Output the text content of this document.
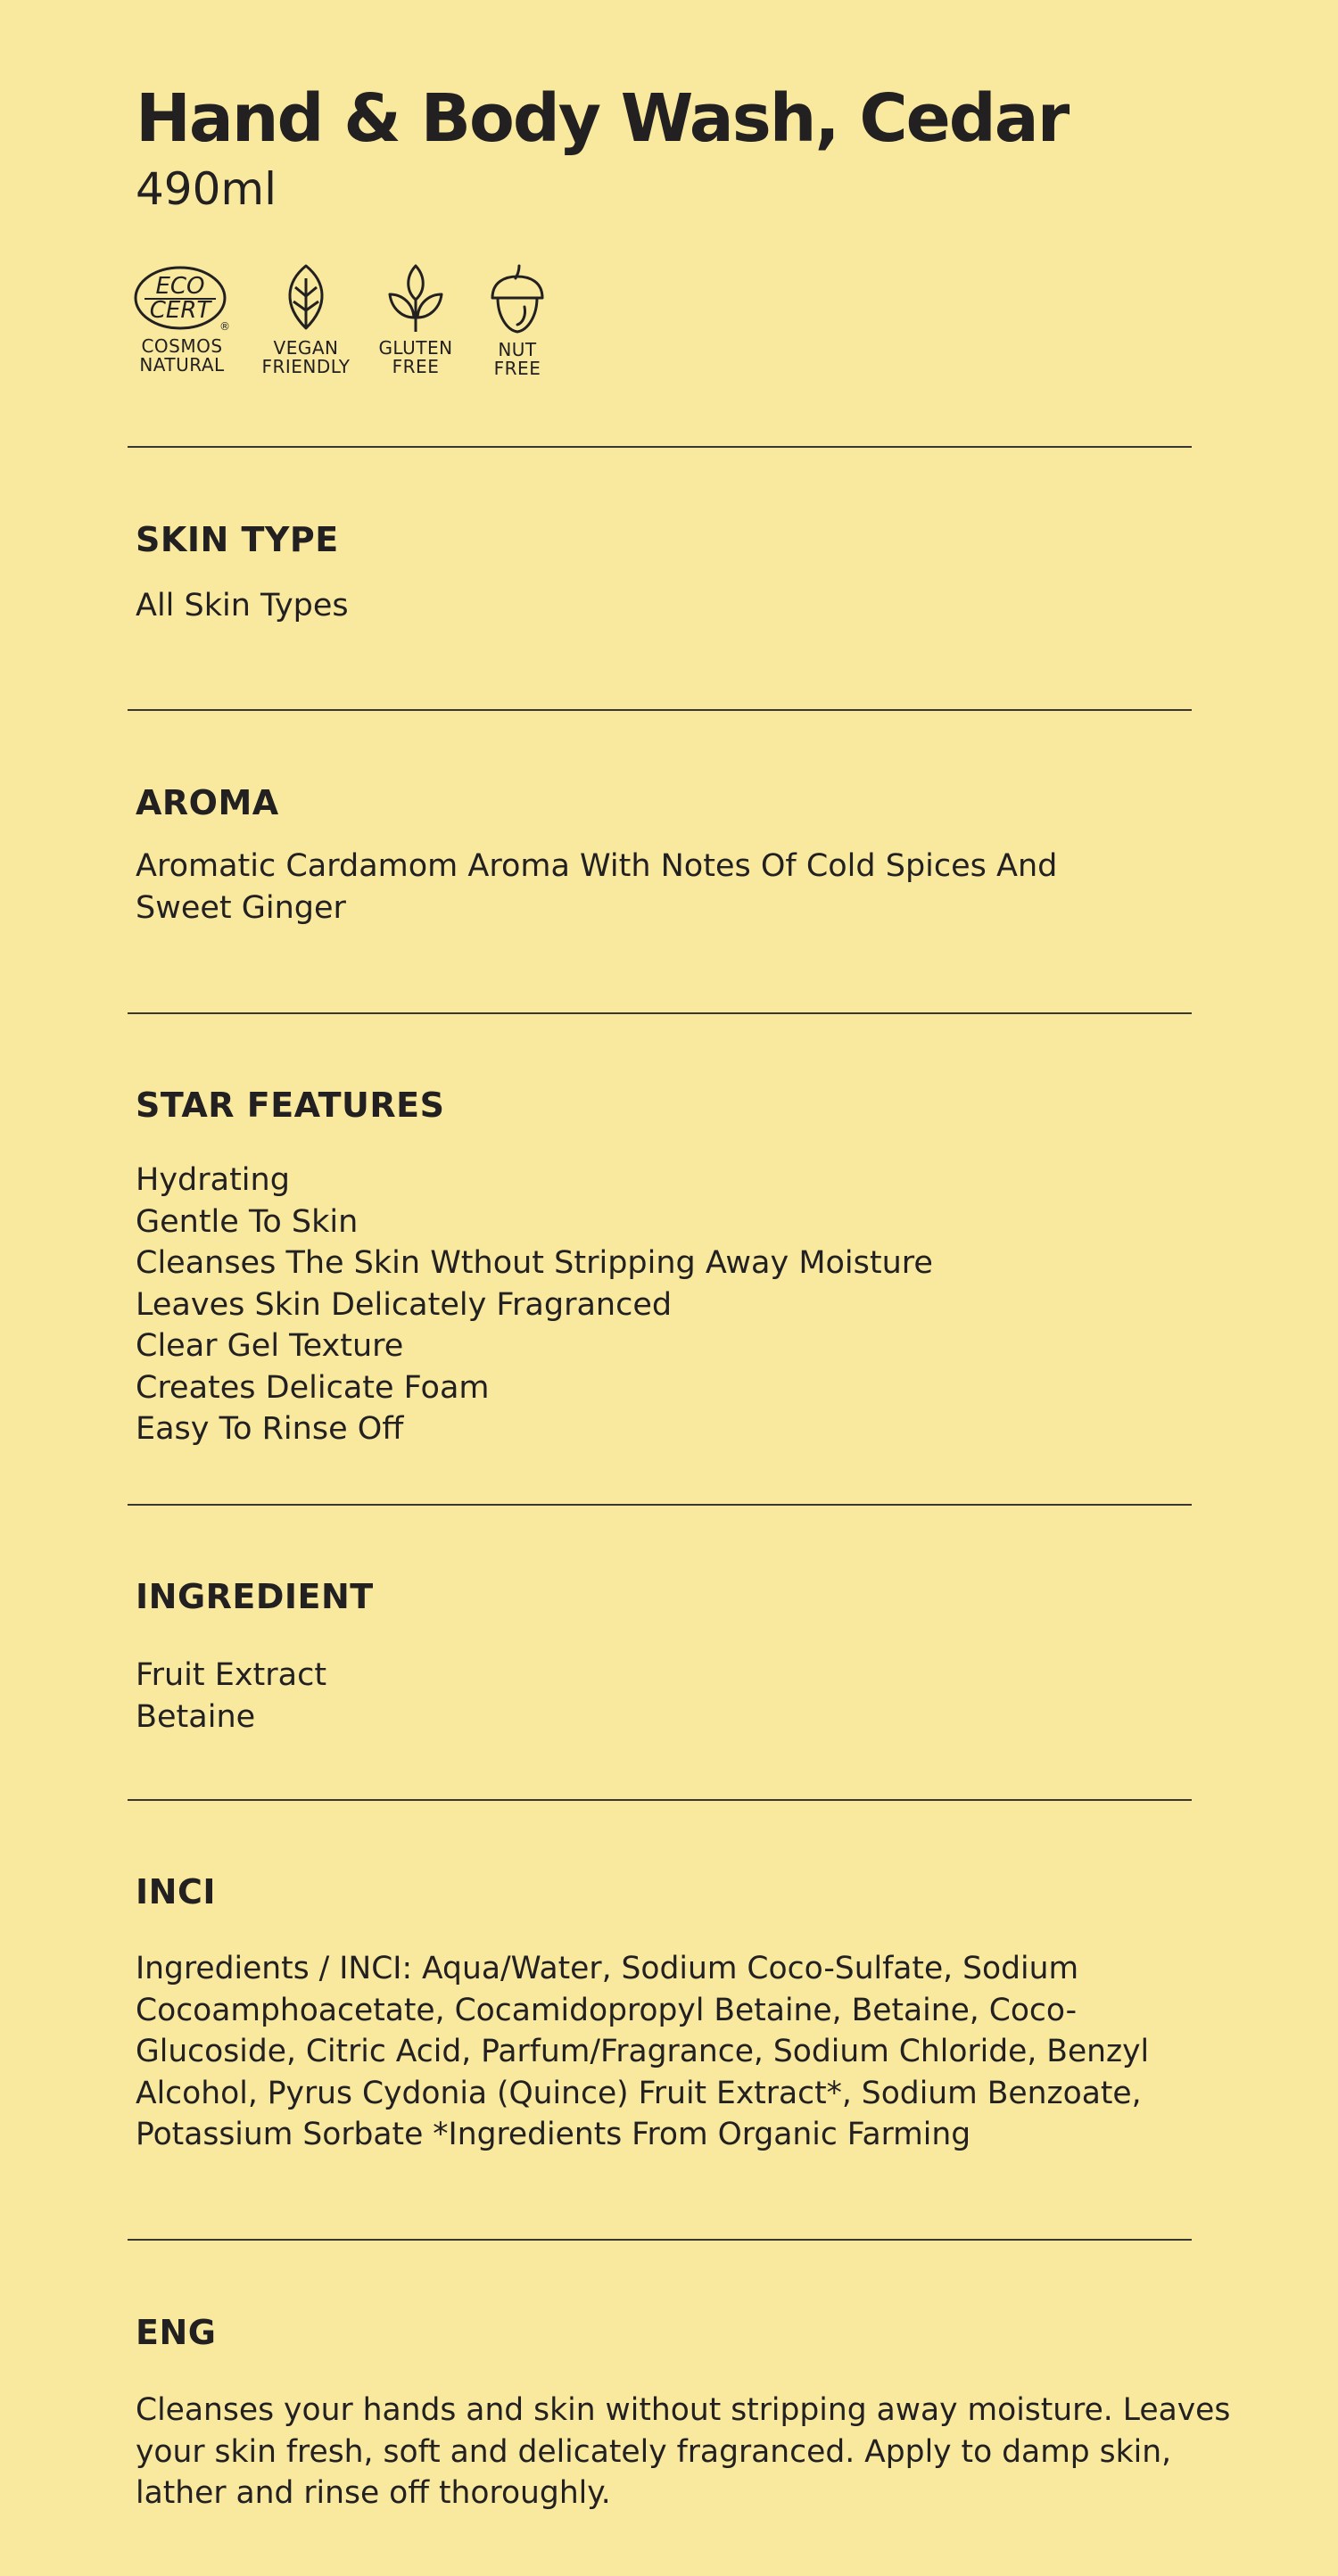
Hand & Body Wash, Cedar
490ml
ECO
CERT
®
COSMOS
NATURAL
VEGAN
FRIENDLY
GLUTEN
FREE
NUT
FREE
SKIN TYPE
All Skin Types
AROMA
Aromatic Cardamom Aroma With Notes Of Cold Spices And
Sweet Ginger
STAR FEATURES
Hydrating
Gentle To Skin
Cleanses The Skin Wthout Stripping Away Moisture
Leaves Skin Delicately Fragranced
Clear Gel Texture
Creates Delicate Foam
Easy To Rinse Off
INGREDIENT
Fruit Extract
Betaine
INCI
Ingredients / INCI: Aqua/Water, Sodium Coco-Sulfate, Sodium
Cocoamphoacetate, Cocamidopropyl Betaine, Betaine, Coco-
Glucoside, Citric Acid, Parfum/Fragrance, Sodium Chloride, Benzyl
Alcohol, Pyrus Cydonia (Quince) Fruit Extract*, Sodium Benzoate,
Potassium Sorbate *Ingredients From Organic Farming
ENG
Cleanses your hands and skin without stripping away moisture. Leaves
your skin fresh, soft and delicately fragranced. Apply to damp skin,
lather and rinse off thoroughly.
